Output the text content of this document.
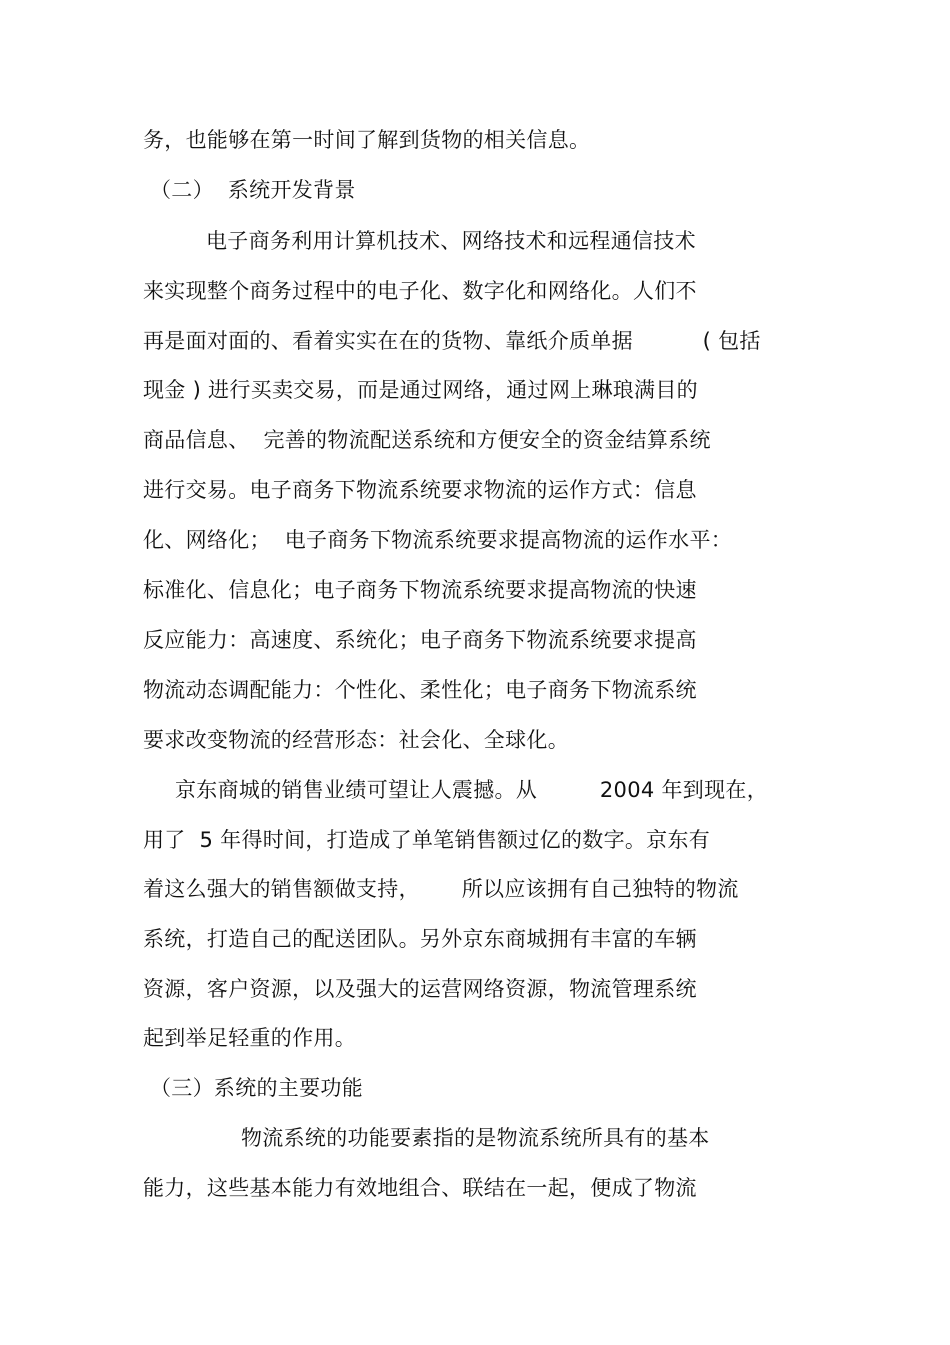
务，也能够在第一时间了解到货物的相关信息。
（二）  系统开发背景
电子商务利用计算机技术、网络技术和远程通信技术
来实现整个商务过程中的电子化、数字化和网络化。人们不
再是面对面的、看着实实在在的货物、靠纸介质单据          ( 包括
现金 ) 进行买卖交易，而是通过网络，通过网上琳琅满目的
商品信息、  完善的物流配送系统和方便安全的资金结算系统
进行交易。电子商务下物流系统要求物流的运作方式：信息
化、网络化；  电子商务下物流系统要求提高物流的运作水平：
标准化、信息化；电子商务下物流系统要求提高物流的快速
反应能力：高速度、系统化；电子商务下物流系统要求提高
物流动态调配能力：个性化、柔性化；电子商务下物流系统
要求改变物流的经营形态：社会化、全球化。
京东商城的销售业绩可望让人震撼。从         2004 年到现在，
用了  5 年得时间，打造成了单笔销售额过亿的数字。京东有
着这么强大的销售额做支持，      所以应该拥有自己独特的物流
系统，打造自己的配送团队。另外京东商城拥有丰富的车辆
资源，客户资源，以及强大的运营网络资源，物流管理系统
起到举足轻重的作用。
（三）系统的主要功能
物流系统的功能要素指的是物流系统所具有的基本
能力，这些基本能力有效地组合、联结在一起，便成了物流
